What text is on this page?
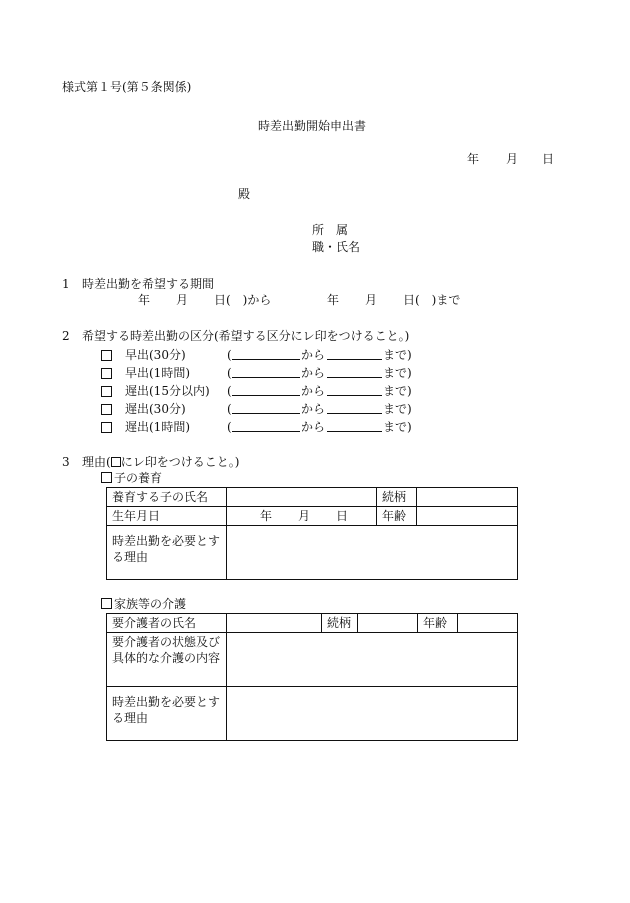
様式第１号(第５条関係)
時差出勤開始申出書
年 月 日
殿
所　属
職・氏名
1 時差出勤を希望する期間
年 月 日(　)から	年 月 日(　)まで
2 希望する時差出勤の区分(希望する区分にレ印をつけること。)
早出(30分)	(	から	まで)
早出(1時間)	(	から	まで)
遅出(15分以内) (	から	まで)
遅出(30分)	(	から	まで)
遅出(1時間)	(	から	まで)
3 理由( にレ印をつけること。)
子の養育
養育する子の氏名		続柄	
生年月日	年 月 日	年齢	
時差出勤を必要とする理由			
家族等の介護
要介護者の氏名		続柄		年齢	
要介護者の状態及び具体的な介護の内容					
時差出勤を必要とする理由					
